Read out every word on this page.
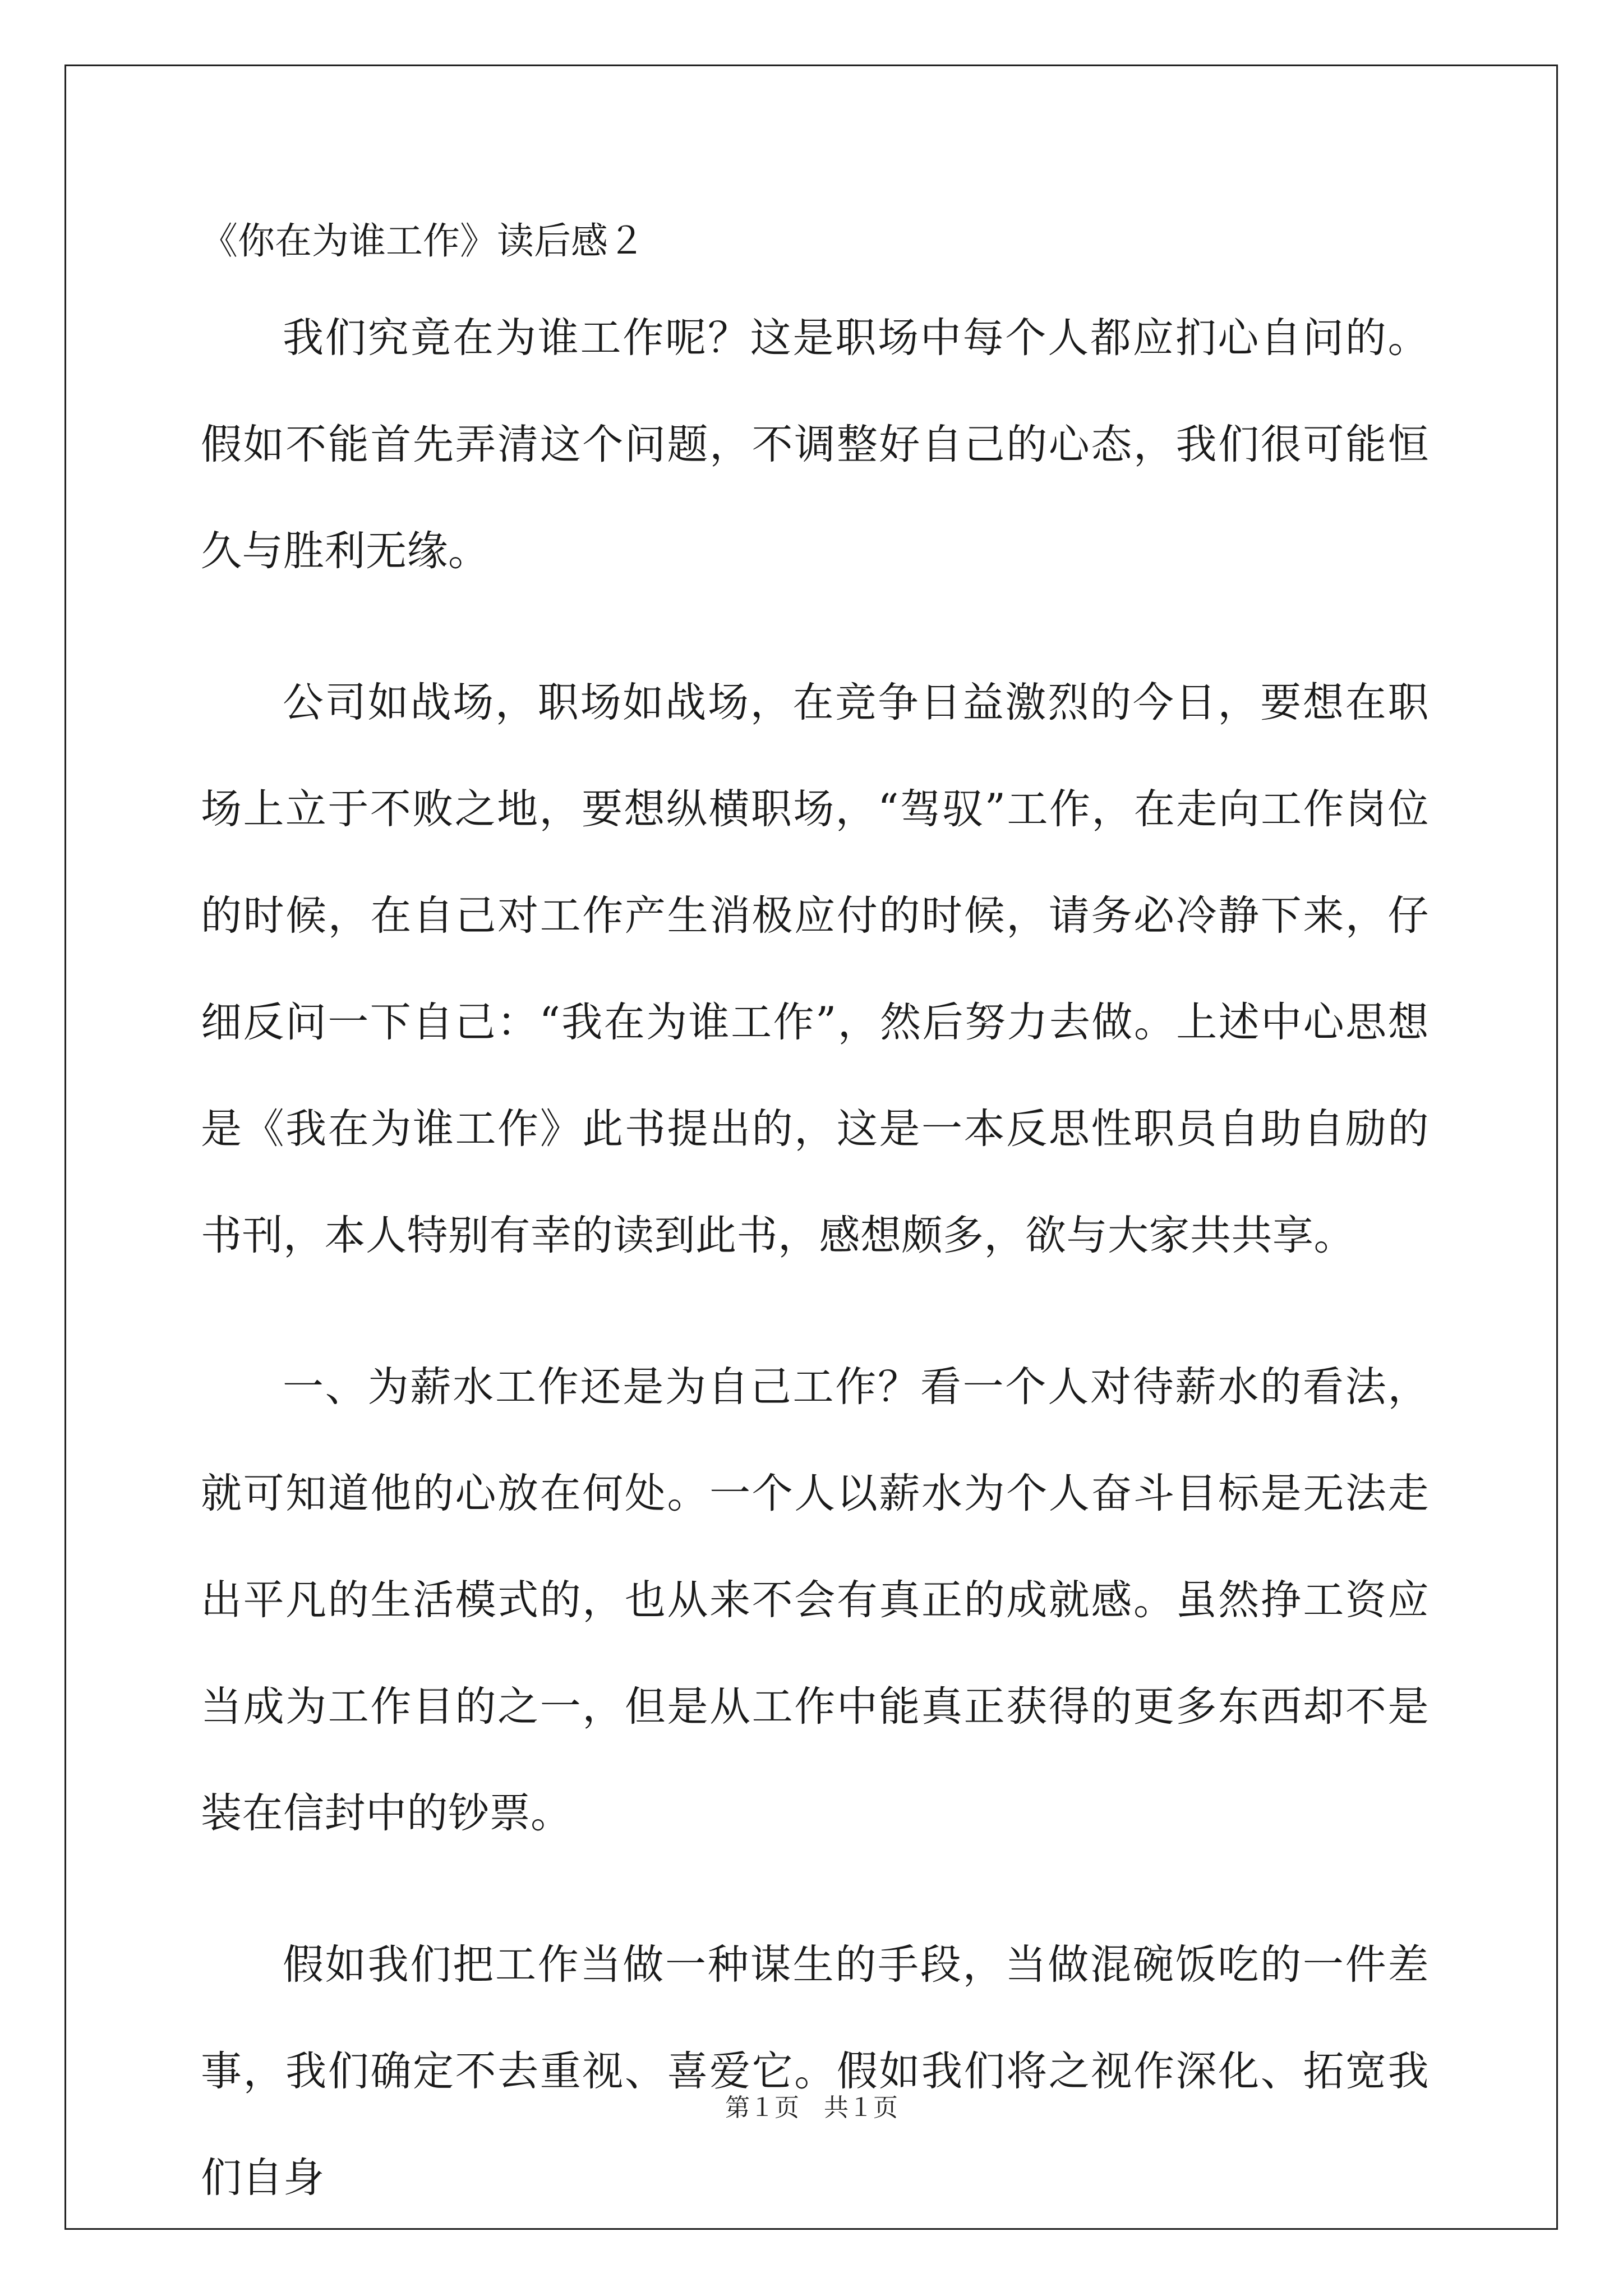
《你在为谁工作》读后感２

我们究竟在为谁工作呢？这是职场中每个人都应扪心自问的。假如不能首先弄清这个问题，不调整好自己的心态，我们很可能恒久与胜利无缘。

公司如战场，职场如战场，在竞争日益激烈的今日，要想在职场上立于不败之地，要想纵横职场，“驾驭”工作，在走向工作岗位的时候，在自己对工作产生消极应付的时候，请务必冷静下来，仔细反问一下自己：“我在为谁工作”，然后努力去做。上述中心思想是《我在为谁工作》此书提出的，这是一本反思性职员自助自励的书刊，本人特别有幸的读到此书，感想颇多，欲与大家共共享。

一、为薪水工作还是为自己工作？看一个人对待薪水的看法，就可知道他的心放在何处。一个人以薪水为个人奋斗目标是无法走出平凡的生活模式的，也从来不会有真正的成就感。虽然挣工资应当成为工作目的之一，但是从工作中能真正获得的更多东西却不是装在信封中的钞票。

假如我们把工作当做一种谋生的手段，当做混碗饭吃的一件差事，我们确定不去重视、喜爱它。假如我们将之视作深化、拓宽我们自身

第１页 共１页
